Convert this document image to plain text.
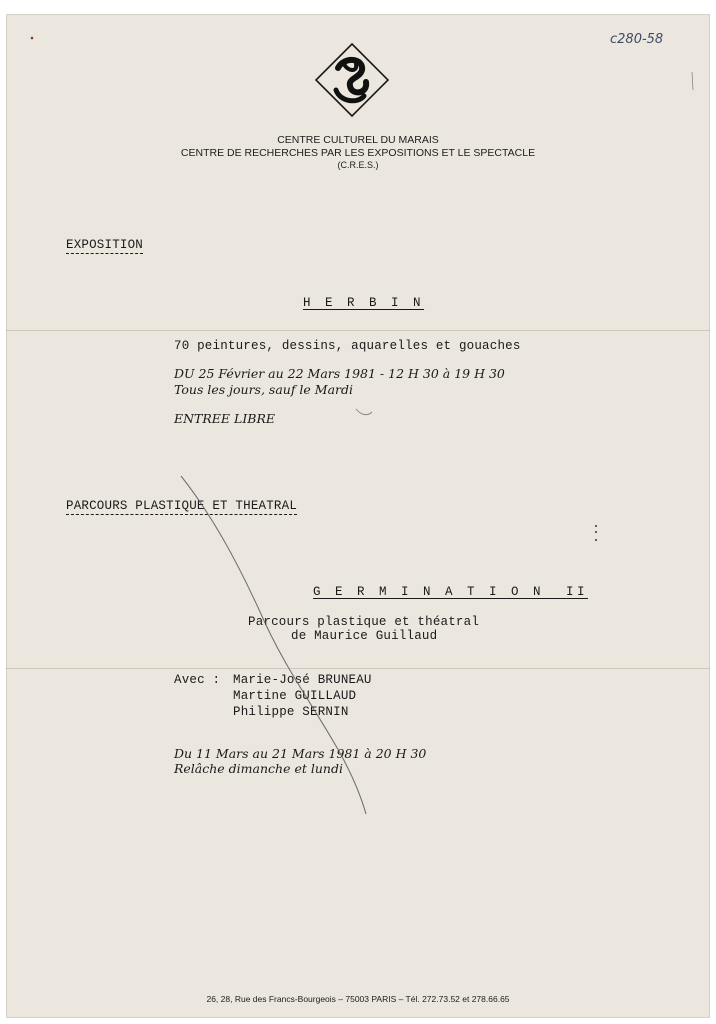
c280-58
CENTRE CULTUREL DU MARAIS
CENTRE DE RECHERCHES PAR LES EXPOSITIONS ET LE SPECTACLE
(C.R.E.S.)
EXPOSITION
H E R B I N
70 peintures, dessins, aquarelles et gouaches
DU 25 Février au 22 Mars 1981 - 12 H 30 à 19 H 30
Tous les jours, sauf le Mardi
ENTREE LIBRE
PARCOURS PLASTIQUE ET THEATRAL

G E R M I N A T I O N  II

Parcours plastique et théatral
de Maurice Guillaud
Avec : Marie-José BRUNEAU
Martine GUILLAUD
Philippe SERNIN
Du 11 Mars au 21 Mars 1981 à 20 H 30
Relâche dimanche et lundi
26, 28, Rue des Francs-Bourgeois – 75003 PARIS – Tél. 272.73.52 et 278.66.65
